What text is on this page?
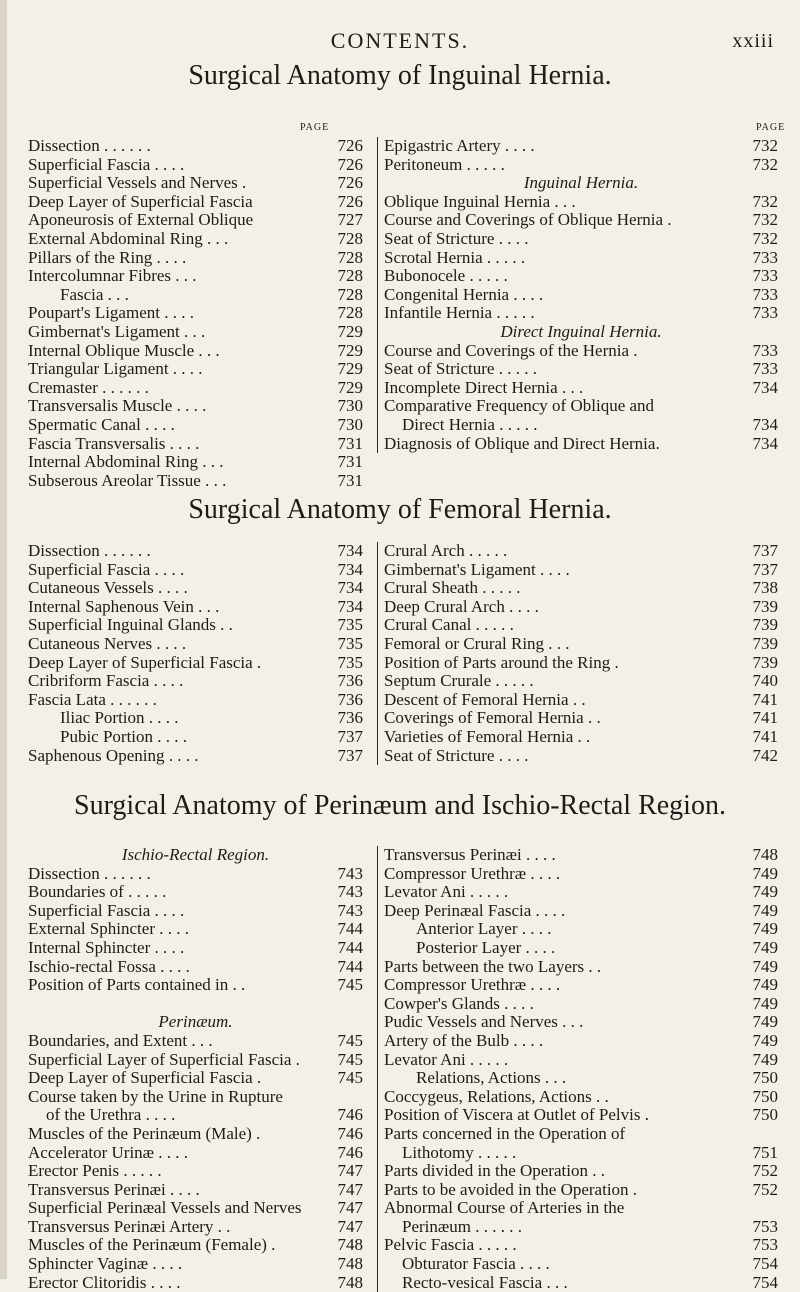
CONTENTS.	xxiii
Surgical Anatomy of Inguinal Hernia.
PAGE	PAGE
Dissection . . . . . .	726
Superficial Fascia . . . .	726
Superficial Vessels and Nerves .	726
Deep Layer of Superficial Fascia	726
Aponeurosis of External Oblique	727
External Abdominal Ring . . .	728
Pillars of the Ring . . . .	728
Intercolumnar Fibres . . .	728
Fascia . . .	728
Poupart's Ligament . . . .	728
Gimbernat's Ligament . . .	729
Internal Oblique Muscle . . .	729
Triangular Ligament . . . .	729
Cremaster . . . . . .	729
Transversalis Muscle . . . .	730
Spermatic Canal . . . .	730
Fascia Transversalis . . . .	731
Internal Abdominal Ring . . .	731
Subserous Areolar Tissue . . .	731
Epigastric Artery . . . .	732
Peritoneum . . . . .	732
Inguinal Hernia.
Oblique Inguinal Hernia . . .	732
Course and Coverings of Oblique Hernia .	732
Seat of Stricture . . . .	732
Scrotal Hernia . . . . .	733
Bubonocele . . . . .	733
Congenital Hernia . . . .	733
Infantile Hernia . . . . .	733
Direct Inguinal Hernia.
Course and Coverings of the Hernia .	733
Seat of Stricture . . . . .	733
Incomplete Direct Hernia . . .	734
Comparative Frequency of Oblique and
Direct Hernia . . . . .	734
Diagnosis of Oblique and Direct Hernia.	734
Surgical Anatomy of Femoral Hernia.
Dissection . . . . . .	734
Superficial Fascia . . . .	734
Cutaneous Vessels . . . .	734
Internal Saphenous Vein . . .	734
Superficial Inguinal Glands . .	735
Cutaneous Nerves . . . .	735
Deep Layer of Superficial Fascia .	735
Cribriform Fascia . . . .	736
Fascia Lata . . . . . .	736
Iliac Portion . . . .	736
Pubic Portion . . . .	737
Saphenous Opening . . . .	737
Crural Arch . . . . .	737
Gimbernat's Ligament . . . .	737
Crural Sheath . . . . .	738
Deep Crural Arch . . . .	739
Crural Canal . . . . .	739
Femoral or Crural Ring . . .	739
Position of Parts around the Ring .	739
Septum Crurale . . . . .	740
Descent of Femoral Hernia . .	741
Coverings of Femoral Hernia . .	741
Varieties of Femoral Hernia . .	741
Seat of Stricture . . . .	742
Surgical Anatomy of Perinæum and Ischio-Rectal Region.
Ischio-Rectal Region.
Dissection . . . . . .	743
Boundaries of . . . . .	743
Superficial Fascia . . . .	743
External Sphincter . . . .	744
Internal Sphincter . . . .	744
Ischio-rectal Fossa . . . .	744
Position of Parts contained in . .	745
Perinæum.
Boundaries, and Extent . . .	745
Superficial Layer of Superficial Fascia . 745
Deep Layer of Superficial Fascia .	745
Course taken by the Urine in Rupture
of the Urethra . . . .	746
Muscles of the Perinæum (Male) .	746
Accelerator Urinæ . . . .	746
Erector Penis . . . . .	747
Transversus Perinæi . . . .	747
Superficial Perinæal Vessels and Nerves 747
Transversus Perinæi Artery . .	747
Muscles of the Perinæum (Female) .	748
Sphincter Vaginæ . . . .	748
Erector Clitoridis . . . .	748
Transversus Perinæi . . . .	748
Compressor Urethræ . . . .	749
Levator Ani . . . . .	749
Deep Perinæal Fascia . . . .	749
Anterior Layer . . . .	749
Posterior Layer . . . .	749
Parts between the two Layers . .	749
Compressor Urethræ . . . .	749
Cowper's Glands . . . .	749
Pudic Vessels and Nerves . . .	749
Artery of the Bulb . . . .	749
Levator Ani . . . . .	749
Relations, Actions . . .	750
Coccygeus, Relations, Actions . .	750
Position of Viscera at Outlet of Pelvis .	750
Parts concerned in the Operation of
Lithotomy . . . . .	751
Parts divided in the Operation . .	752
Parts to be avoided in the Operation .	752
Abnormal Course of Arteries in the
Perinæum . . . . . .	753
Pelvic Fascia . . . . .	753
Obturator Fascia . . . .	754
Recto-vesical Fascia . . .	754
